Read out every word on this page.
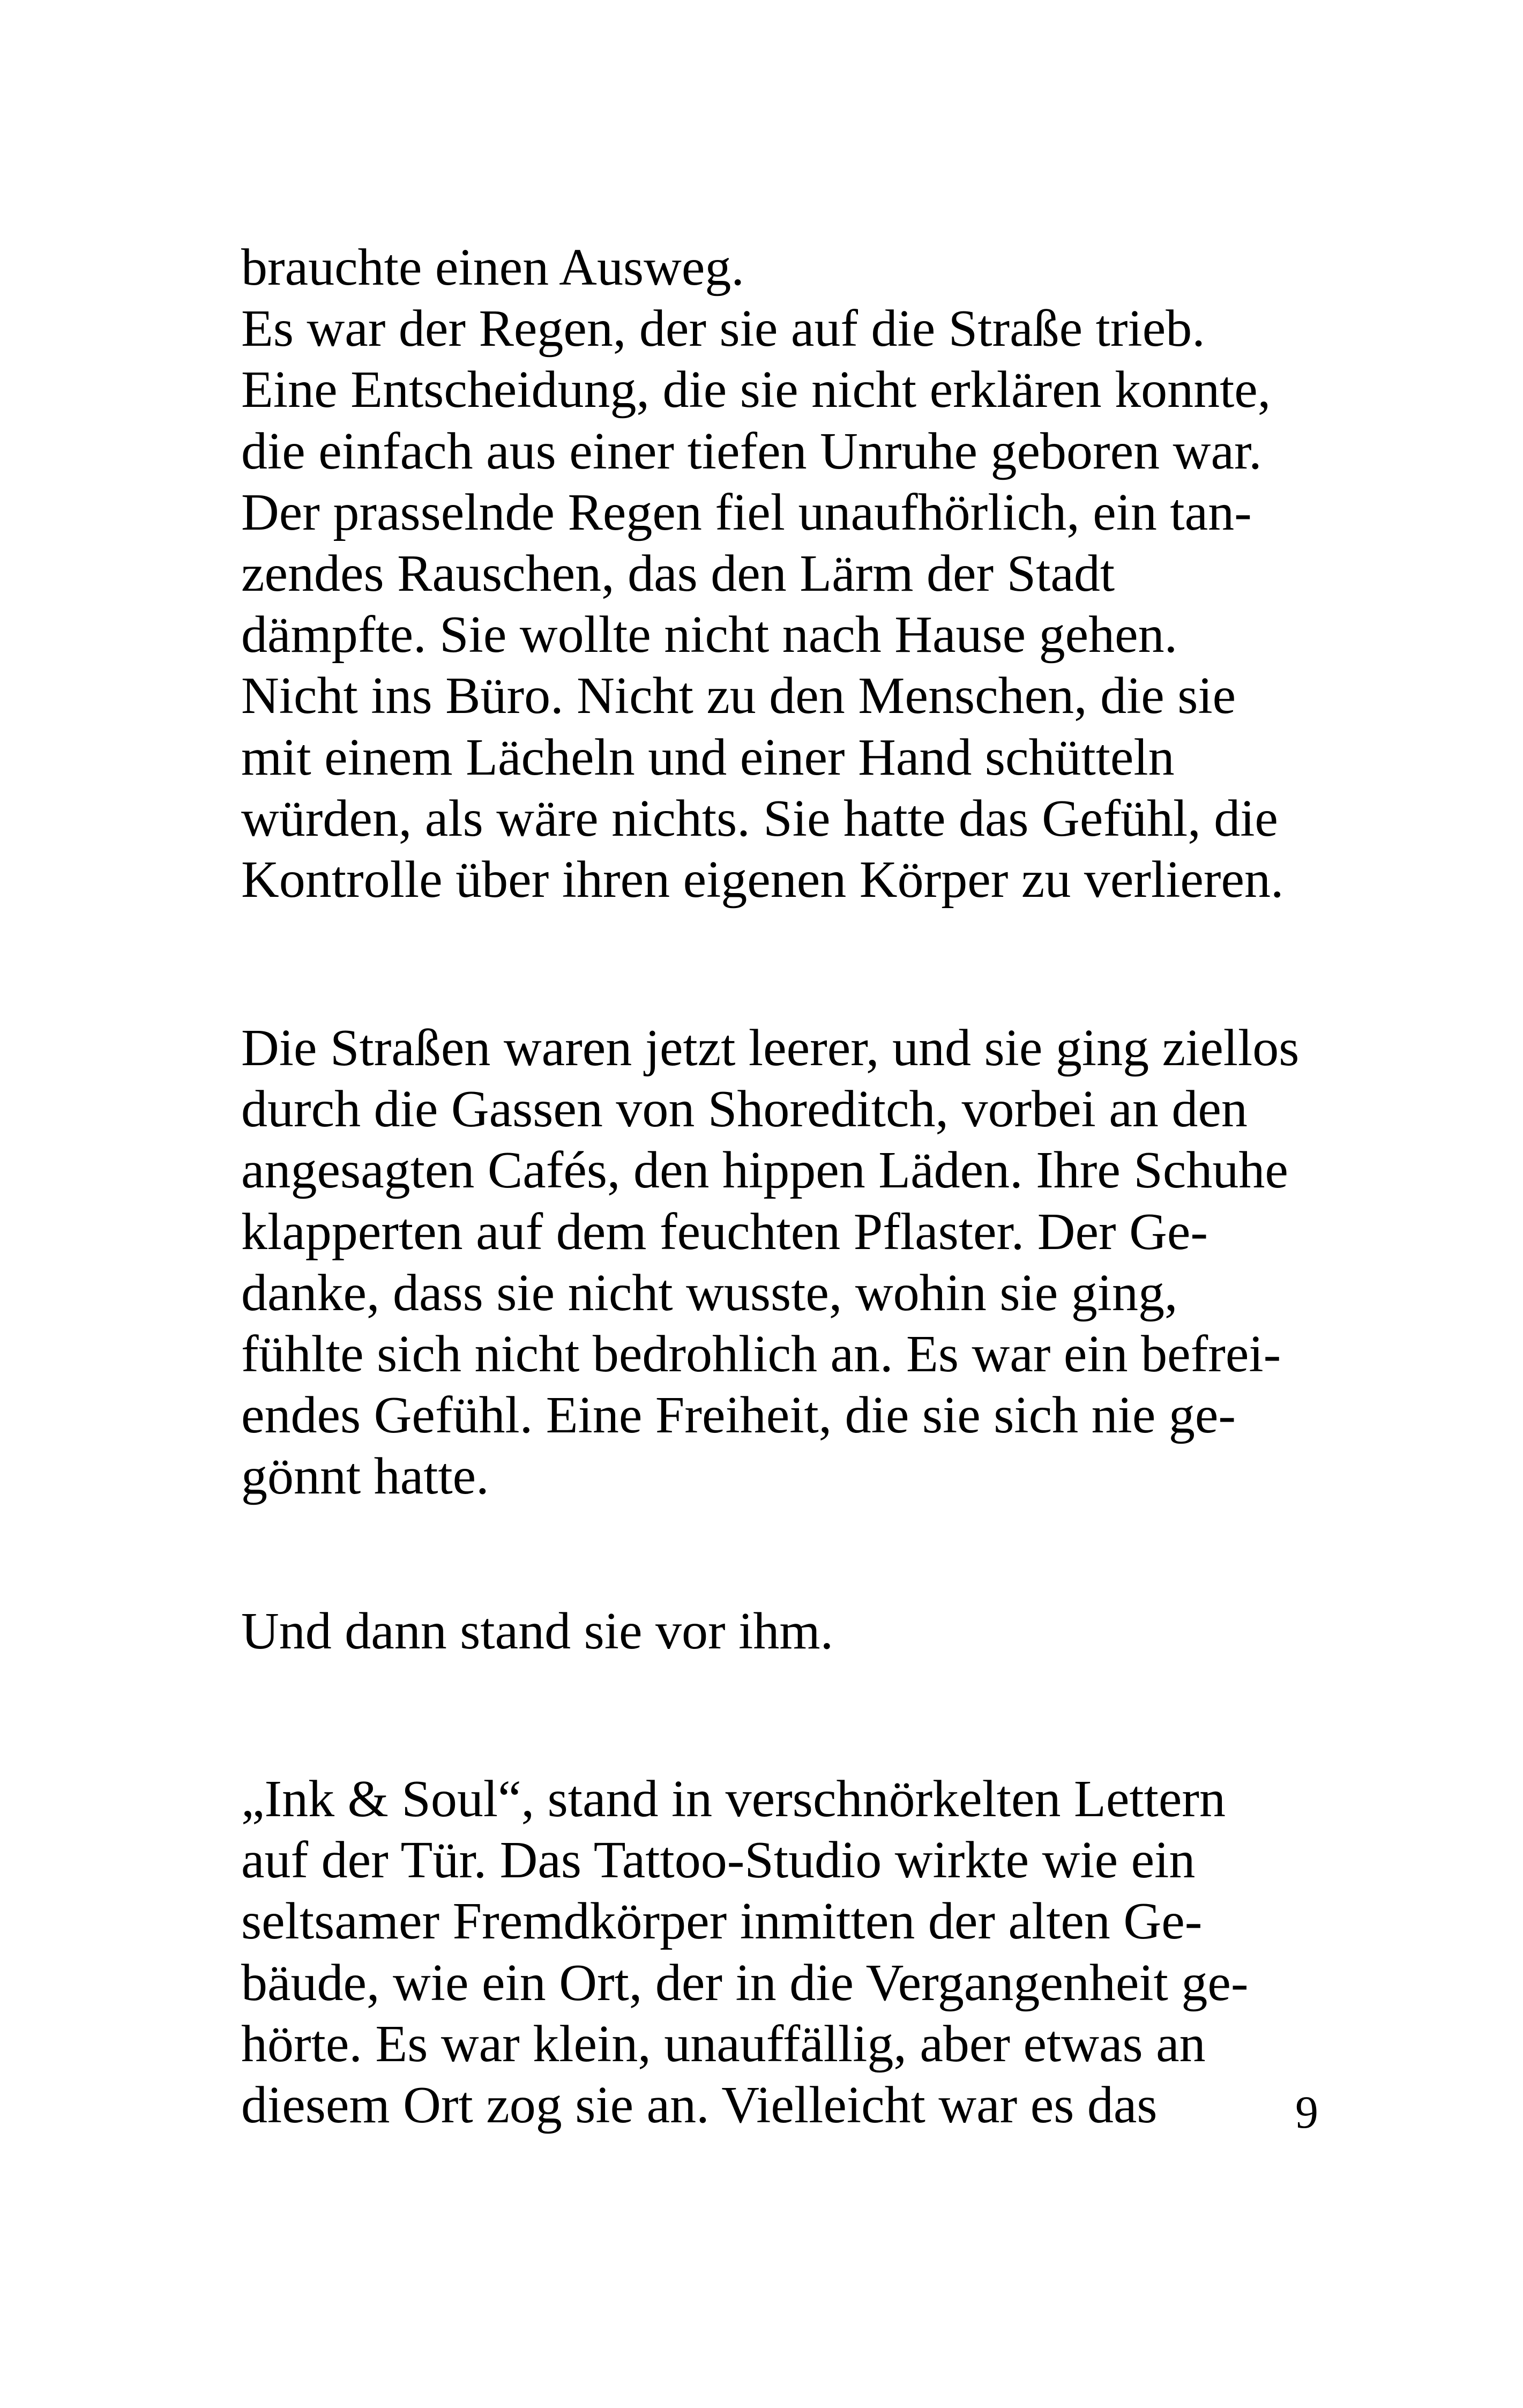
brauchte einen Ausweg.
Es war der Regen, der sie auf die Straße trieb.
Eine Entscheidung, die sie nicht erklären konnte,
die einfach aus einer tiefen Unruhe geboren war.
Der prasselnde Regen fiel unaufhörlich, ein tan-
zendes Rauschen, das den Lärm der Stadt
dämpfte. Sie wollte nicht nach Hause gehen.
Nicht ins Büro. Nicht zu den Menschen, die sie
mit einem Lächeln und einer Hand schütteln
würden, als wäre nichts. Sie hatte das Gefühl, die
Kontrolle über ihren eigenen Körper zu verlieren.
Die Straßen waren jetzt leerer, und sie ging ziellos
durch die Gassen von Shoreditch, vorbei an den
angesagten Cafés, den hippen Läden. Ihre Schuhe
klapperten auf dem feuchten Pflaster. Der Ge-
danke, dass sie nicht wusste, wohin sie ging,
fühlte sich nicht bedrohlich an. Es war ein befrei-
endes Gefühl. Eine Freiheit, die sie sich nie ge-
gönnt hatte.
Und dann stand sie vor ihm.
„Ink & Soul“, stand in verschnörkelten Lettern
auf der Tür. Das Tattoo-Studio wirkte wie ein
seltsamer Fremdkörper inmitten der alten Ge-
bäude, wie ein Ort, der in die Vergangenheit ge-
hörte. Es war klein, unauffällig, aber etwas an
diesem Ort zog sie an. Vielleicht war es das	9
